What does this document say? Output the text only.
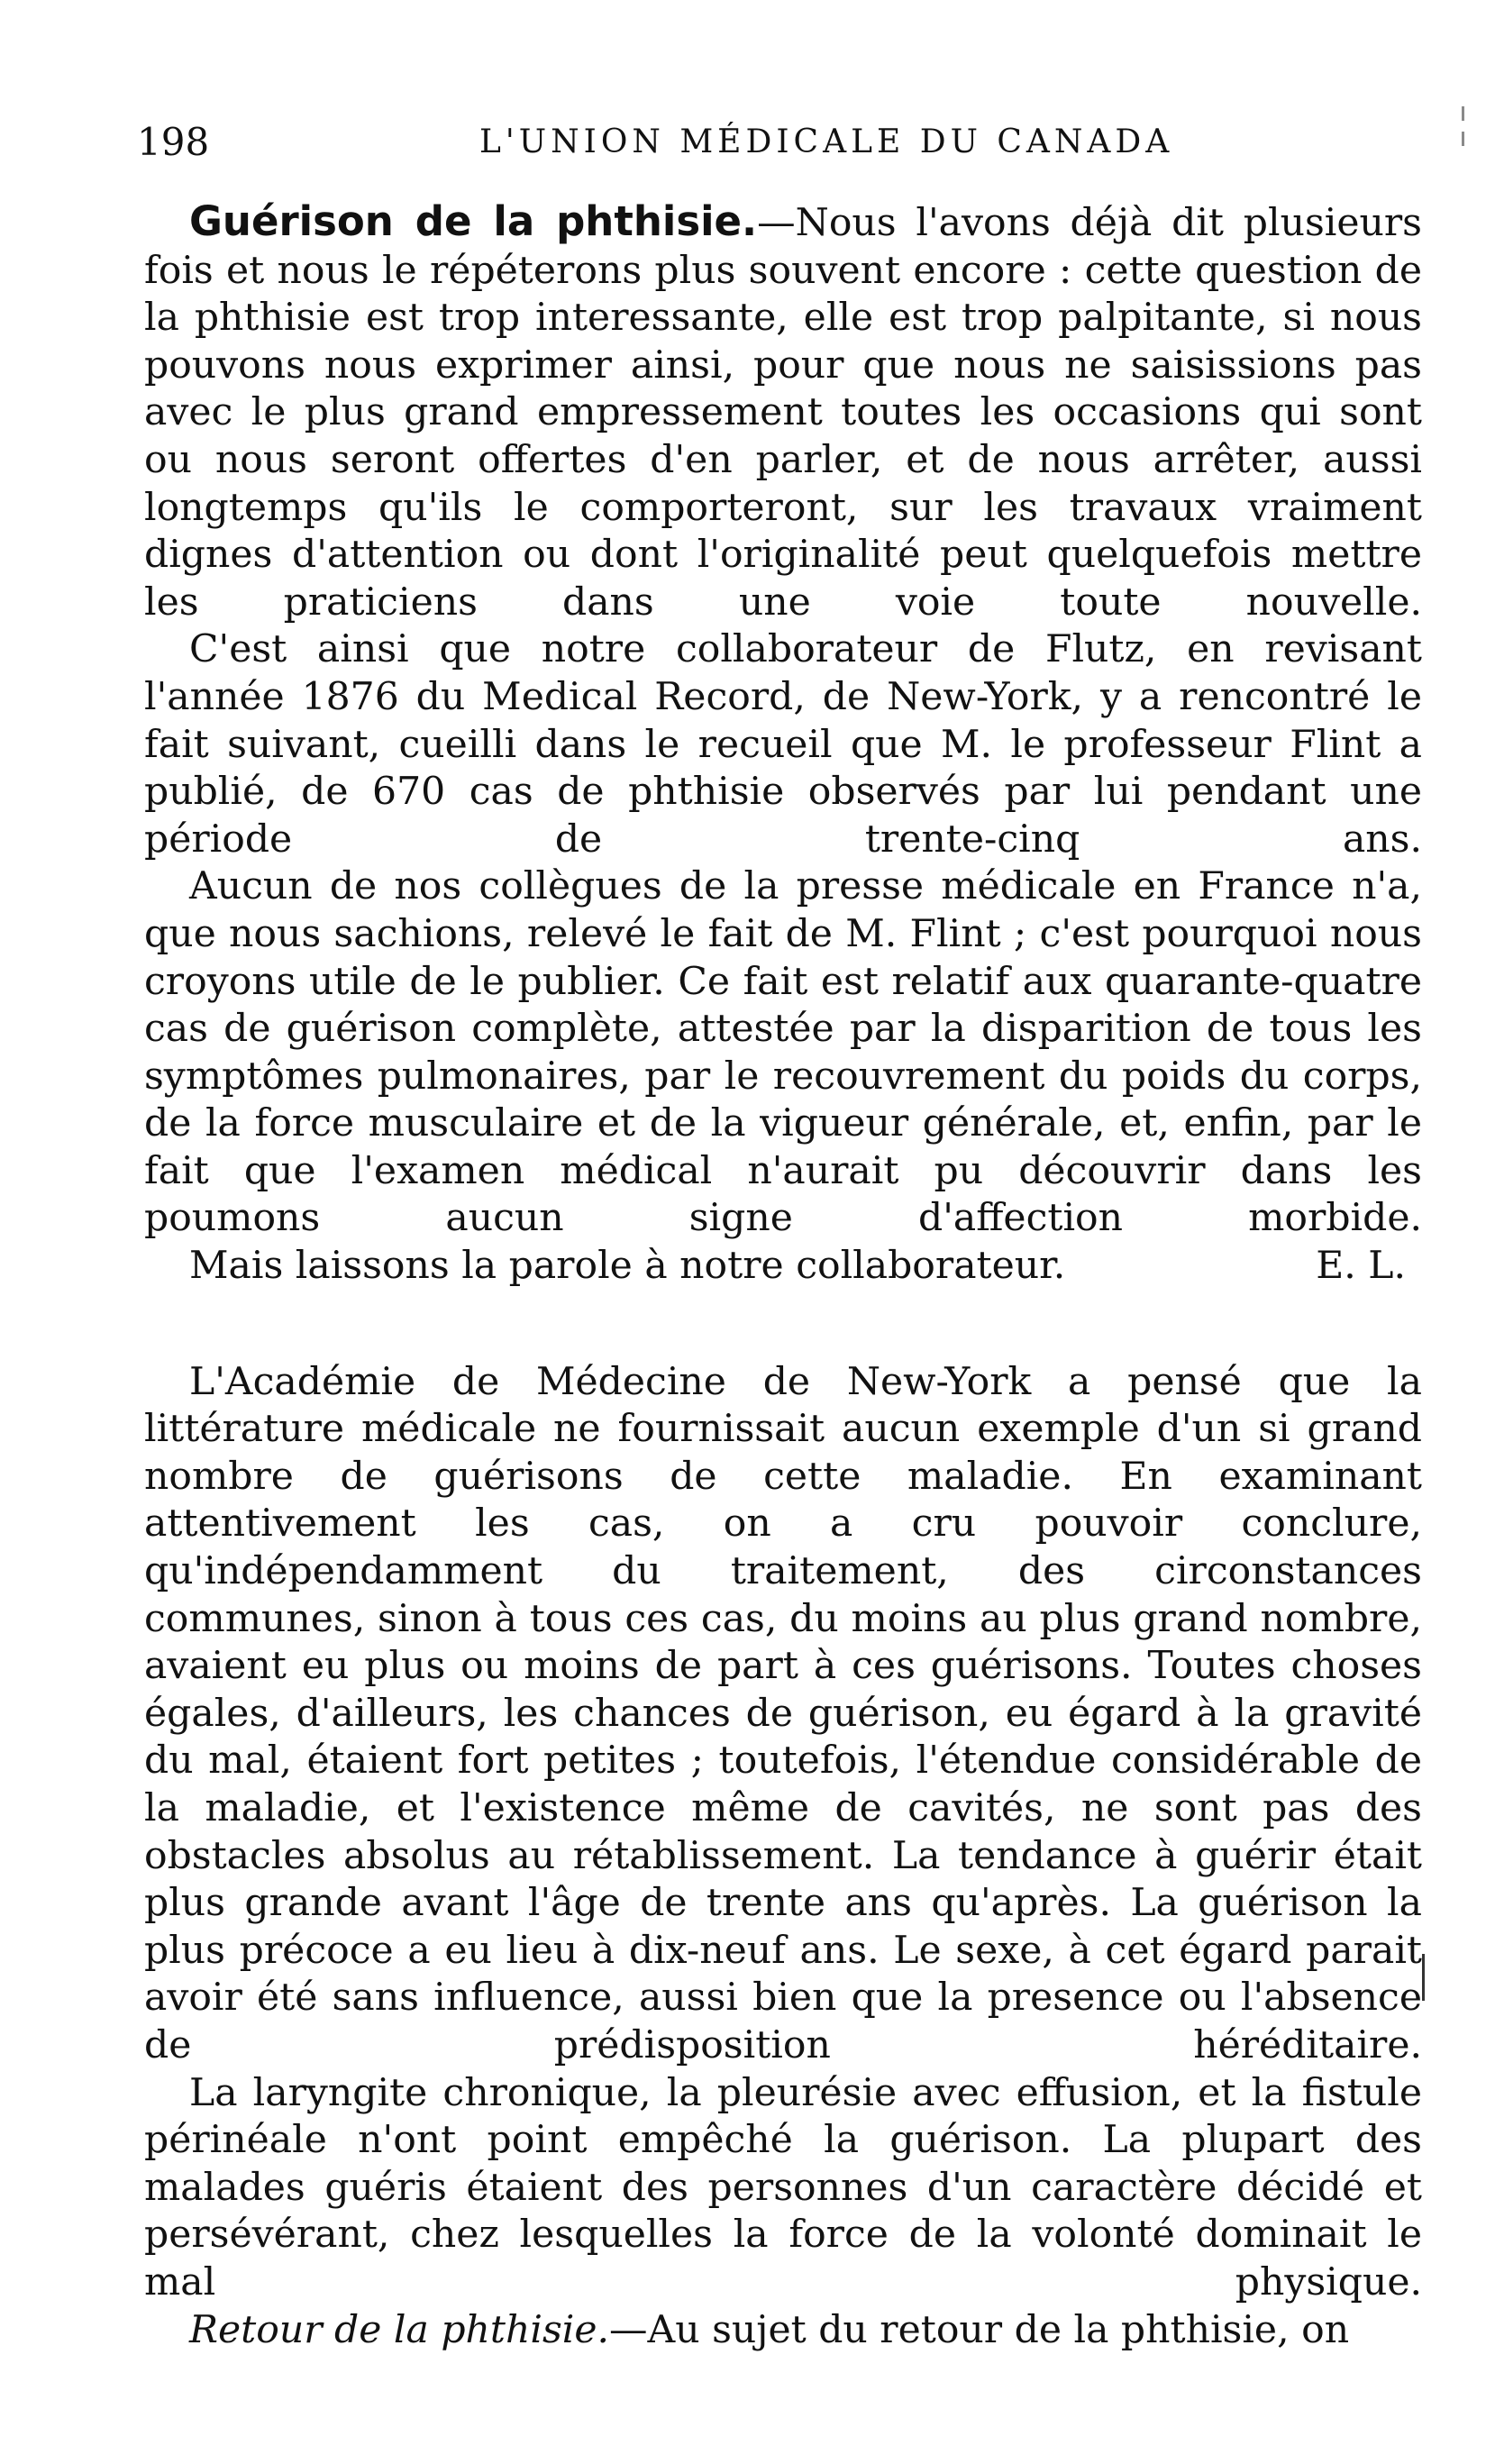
198	L'UNION MÉDICALE DU CANADA

Guérison de la phthisie.—Nous l'avons déjà dit plusieurs fois et nous le répéterons plus souvent encore : cette question de la phthisie est trop interessante, elle est trop palpitante, si nous pouvons nous exprimer ainsi, pour que nous ne saisissions pas avec le plus grand empressement toutes les occasions qui sont ou nous seront offertes d'en parler, et de nous arrêter, aussi longtemps qu'ils le comporteront, sur les travaux vraiment dignes d'attention ou dont l'originalité peut quelquefois mettre les praticiens dans une voie toute nouvelle.

C'est ainsi que notre collaborateur de Flutz, en revisant l'année 1876 du Medical Record, de New-York, y a rencontré le fait suivant, cueilli dans le recueil que M. le professeur Flint a publié, de 670 cas de phthisie observés par lui pendant une période de trente-cinq ans.

Aucun de nos collègues de la presse médicale en France n'a, que nous sachions, relevé le fait de M. Flint ; c'est pourquoi nous croyons utile de le publier. Ce fait est relatif aux quarante-quatre cas de guérison complète, attestée par la disparition de tous les symptômes pulmonaires, par le recouvrement du poids du corps, de la force musculaire et de la vigueur générale, et, enfin, par le fait que l'examen médical n'aurait pu découvrir dans les poumons aucun signe d'affection morbide.

Mais laissons la parole à notre collaborateur.	E. L.

L'Académie de Médecine de New-York a pensé que la littérature médicale ne fournissait aucun exemple d'un si grand nombre de guérisons de cette maladie. En examinant attentivement les cas, on a cru pouvoir conclure, qu'indépendamment du traitement, des circonstances communes, sinon à tous ces cas, du moins au plus grand nombre, avaient eu plus ou moins de part à ces guérisons. Toutes choses égales, d'ailleurs, les chances de guérison, eu égard à la gravité du mal, étaient fort petites ; toutefois, l'étendue considérable de la maladie, et l'existence même de cavités, ne sont pas des obstacles absolus au rétablissement. La tendance à guérir était plus grande avant l'âge de trente ans qu'après. La guérison la plus précoce a eu lieu à dix-neuf ans. Le sexe, à cet égard parait avoir été sans influence, aussi bien que la presence ou l'absence de prédisposition héréditaire.

La laryngite chronique, la pleurésie avec effusion, et la fistule périnéale n'ont point empêché la guérison. La plupart des malades guéris étaient des personnes d'un caractère décidé et persévérant, chez lesquelles la force de la volonté dominait le mal physique.

Retour de la phthisie.—Au sujet du retour de la phthisie, on
